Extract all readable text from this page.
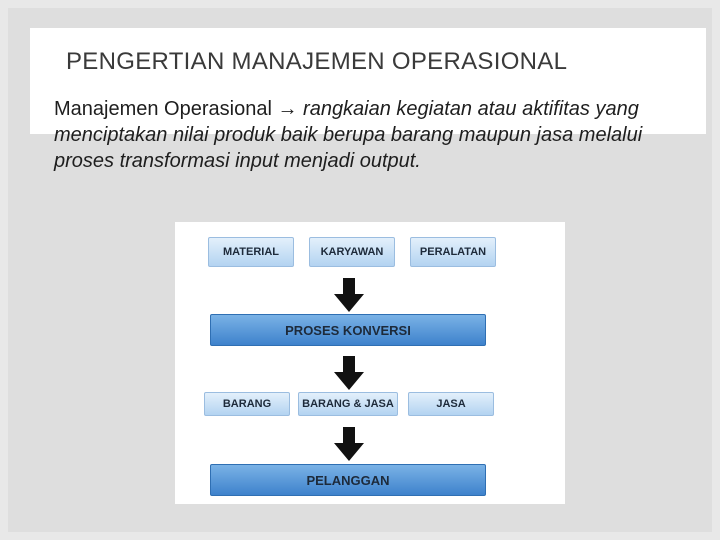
PENGERTIAN MANAJEMEN OPERASIONAL
Manajemen Operasional → rangkaian kegiatan atau aktifitas yang menciptakan nilai produk baik berupa barang maupun jasa melalui proses transformasi input menjadi output.
MATERIAL	KARYAWAN	PERALATAN
PROSES KONVERSI
BARANG	BARANG & JASA	JASA
PELANGGAN
